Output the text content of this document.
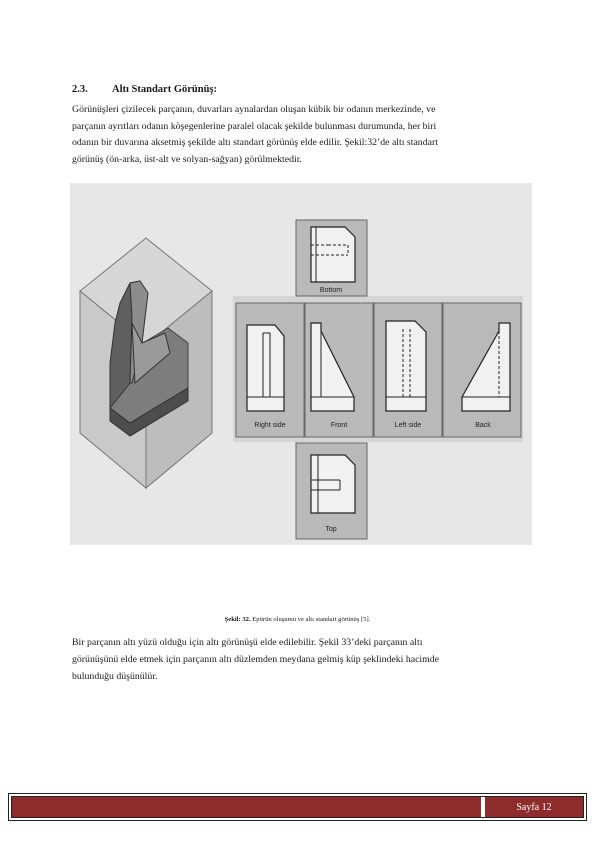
2.3. Altı Standart Görünüş:

Görünüşleri çizilecek parçanın, duvarları aynalardan oluşan kübik bir odanın merkezinde, ve

parçanın ayrıtları odanın köşegenlerine paralel olacak şekilde bulunması durumunda, her biri

odanın bir duvarına aksetmiş şekilde altı standart görünüş elde edilir. Şekil:32’de altı standart

görünüş (ön-arka, üst-alt ve solyan-sağyan) görülmektedir.

Bottom
Right side	Front	Left side	Back
Top
Şekil: 32. Epürün oluşumu ve altı standart görünüş [5].

Bir parçanın altı yüzü olduğu için altı görünüşü elde edilebilir. Şekil 33’deki parçanın altı

görünüşünü elde etmek için parçanın altı düzlemden meydana gelmiş küp şeklindeki hacimde

bulunduğu düşünülür.

Sayfa 12
